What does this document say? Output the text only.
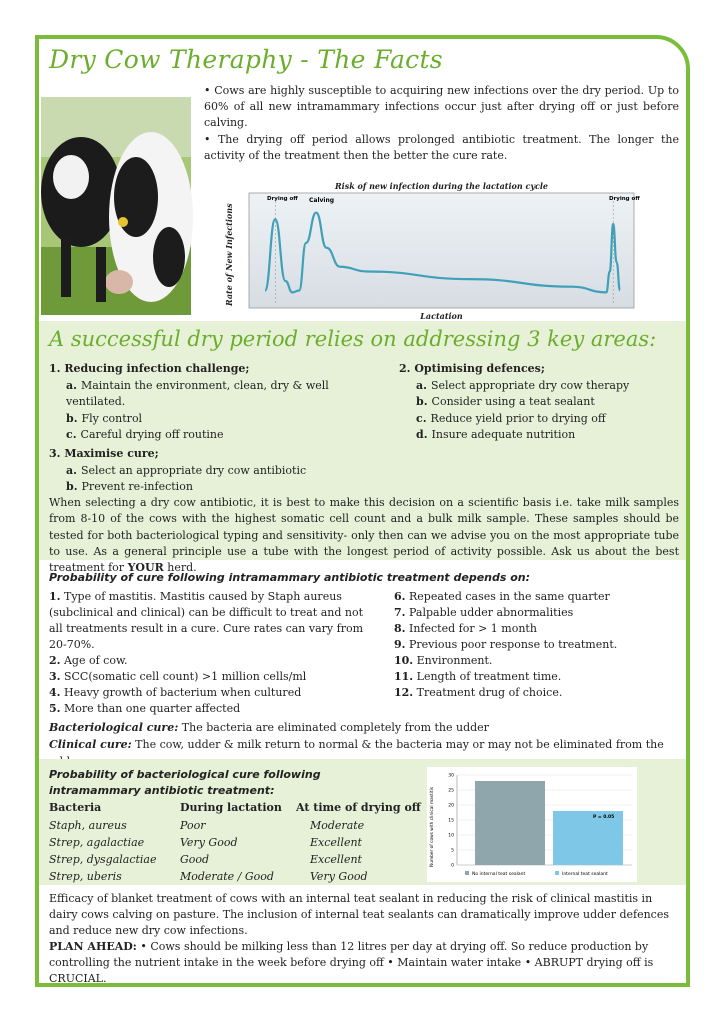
Dry Cow Theraphy - The Facts

• Cows are highly susceptible to acquiring new infections over the dry period. Up to 60% of all new intramammary infections occur just after drying off or just before calving.

• The drying off period allows prolonged antibiotic treatment. The longer the activity of the treatment then the better the cure rate.

Risk of new infection during the lactation cycle
Rate of New Infections
Drying off Calving	Drying off
Lactation
A successful dry period relies on addressing 3 key areas:
1. Reducing infection challenge;
a. Maintain the environment, clean, dry & well ventilated.
b. Fly control
c. Careful drying off routine
2. Optimising defences;
a. Select appropriate dry cow therapy
b. Consider using a teat sealant
c. Reduce yield prior to drying off
d. Insure adequate nutrition
3. Maximise cure;
a. Select an appropriate dry cow antibiotic
b. Prevent re-infection

When selecting a dry cow antibiotic, it is best to make this decision on a scientific basis i.e. take milk samples from 8-10 of the cows with the highest somatic cell count and a bulk milk sample. These samples should be tested for both bacteriological typing and sensitivity- only then can we advise you on the most appropriate tube to use. As a general principle use a tube with the longest period of activity possible. Ask us about the best treatment for YOUR herd.

Probability of cure following intramammary antibiotic treatment depends on:
1. Type of mastitis. Mastitis caused by Staph aureus (subclinical and clinical) can be difficult to treat and not all treatments result in a cure. Cure rates can vary from 20-70%.
2. Age of cow.
3. SCC(somatic cell count) >1 million cells/ml
4. Heavy growth of bacterium when cultured
5. More than one quarter affected
6. Repeated cases in the same quarter
7. Palpable udder abnormalities
8. Infected for > 1 month
9. Previous poor response to treatment.
10. Environment.
11. Length of treatment time.
12. Treatment drug of choice.
Bacteriological cure: The bacteria are eliminated completely from the udder
Clinical cure: The cow, udder & milk return to normal & the bacteria may or may not be eliminated from the
Probability of bacteriological cure following intramammary antibiotic treatment:
Bacteria	During lactation	At time of drying off
Staph, aureus	Poor	Moderate
Strep, agalactiae	Very Good	Excellent
Strep, dysgalactiae	Good	Excellent
Strep, uberis	Moderate / Good	Very Good
Number of cows with clinical mastitis	0
5
10
15
20
25
30
P = 0.05
No internal teat sealant	Internal teat sealant

Efficacy of blanket treatment of cows with an internal teat sealant in reducing the risk of clinical mastitis in dairy cows calving on pasture. The inclusion of internal teat sealants can dramatically improve udder defences and reduce new dry cow infections.

PLAN AHEAD: • Cows should be milking less than 12 litres per day at drying off. So reduce production by controlling the nutrient intake in the week before drying off • Maintain water intake • ABRUPT drying off is CRUCIAL.
